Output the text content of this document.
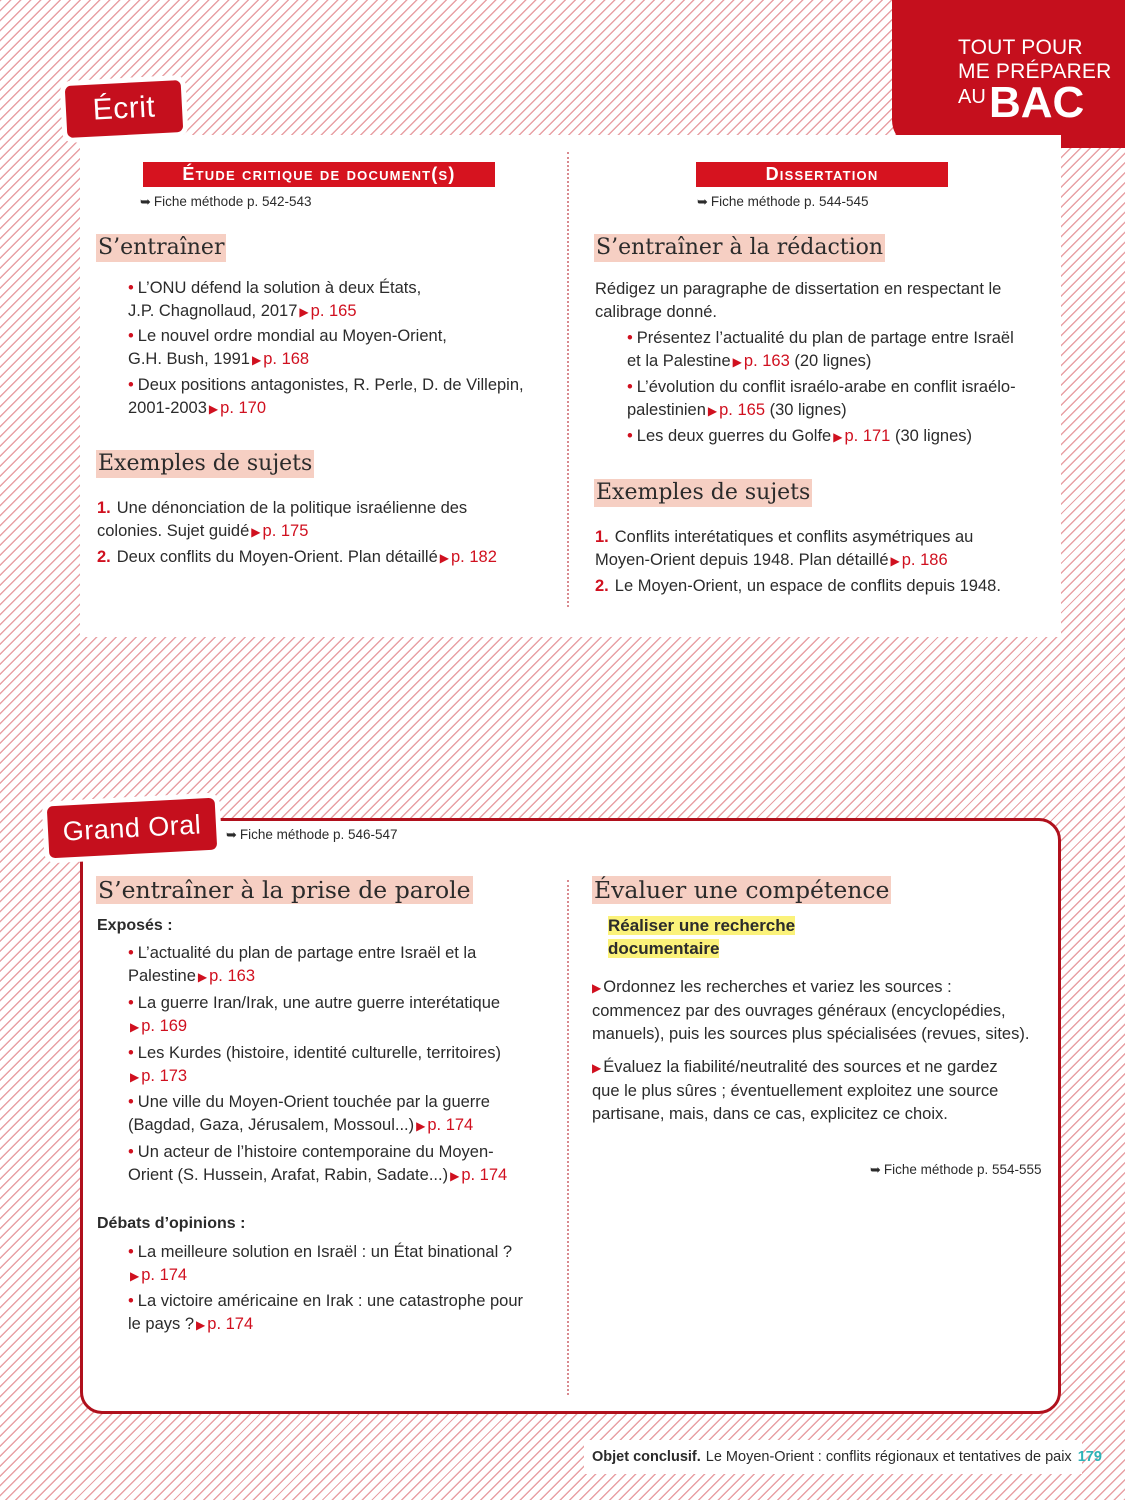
TOUT POUR
ME PRÉPARER
AU BAC
Écrit
Étude critique de document(s)
➥ Fiche méthode p. 542-543
S’entraîner
• L’ONU défend la solution à deux États,
J.P. Chagnollaud, 2017 ▶ p. 165
• Le nouvel ordre mondial au Moyen-Orient,
G.H. Bush, 1991 ▶ p. 168
• Deux positions antagonistes, R. Perle, D. de Villepin,
2001-2003 ▶ p. 170
Exemples de sujets
1. Une dénonciation de la politique israélienne des
colonies. Sujet guidé ▶ p. 175
2. Deux conflits du Moyen-Orient. Plan détaillé ▶ p. 182
Dissertation
➥ Fiche méthode p. 544-545
S’entraîner à la rédaction
Rédigez un paragraphe de dissertation en respectant le
calibrage donné.
• Présentez l’actualité du plan de partage entre Israël
et la Palestine ▶ p. 163 (20 lignes)
• L’évolution du conflit israélo-arabe en conflit israélo-
palestinien ▶ p. 165 (30 lignes)
• Les deux guerres du Golfe ▶ p. 171 (30 lignes)
Exemples de sujets
1. Conflits interétatiques et conflits asymétriques au
Moyen-Orient depuis 1948. Plan détaillé ▶ p. 186
2. Le Moyen-Orient, un espace de conflits depuis 1948.
Grand Oral	➥ Fiche méthode p. 546-547
S’entraîner à la prise de parole
Exposés :
• L’actualité du plan de partage entre Israël et la
Palestine ▶ p. 163
• La guerre Iran/Irak, une autre guerre interétatique
▶ p. 169
• Les Kurdes (histoire, identité culturelle, territoires)
▶ p. 173
• Une ville du Moyen-Orient touchée par la guerre
(Bagdad, Gaza, Jérusalem, Mossoul...) ▶ p. 174
• Un acteur de l’histoire contemporaine du Moyen-
Orient (S. Hussein, Arafat, Rabin, Sadate...) ▶ p. 174
Débats d’opinions :
• La meilleure solution en Israël : un État binational ?
▶ p. 174
• La victoire américaine en Irak : une catastrophe pour
le pays ? ▶ p. 174
Évaluer une compétence
Réaliser une recherche
documentaire
▶ Ordonnez les recherches et variez les sources :
commencez par des ouvrages généraux (encyclopédies,
manuels), puis les sources plus spécialisées (revues, sites).
▶ Évaluez la fiabilité/neutralité des sources et ne gardez
que le plus sûres ; éventuellement exploitez une source
partisane, mais, dans ce cas, explicitez ce choix.
➥ Fiche méthode p. 554-555
Objet conclusif. Le Moyen-Orient : conflits régionaux et tentatives de paix 179
